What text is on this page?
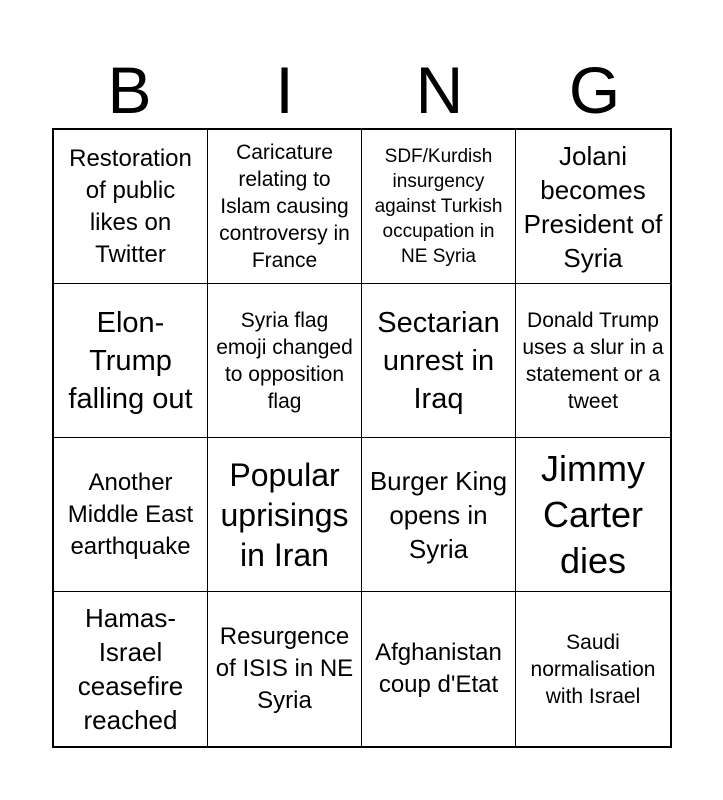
B	I	N	G
Restoration of public likes on Twitter
Caricature relating to Islam causing controversy in France
SDF/Kurdish insurgency against Turkish occupation in NE Syria
Jolani becomes President of Syria
Elon-Trump falling out
Syria flag emoji changed to opposition flag
Sectarian unrest in Iraq
Donald Trump uses a slur in a statement or a tweet
Another Middle East earthquake
Popular uprisings in Iran
Burger King opens in Syria
Jimmy Carter dies
Hamas-Israel ceasefire reached
Resurgence of ISIS in NE Syria
Afghanistan coup d'Etat
Saudi normalisation with Israel
